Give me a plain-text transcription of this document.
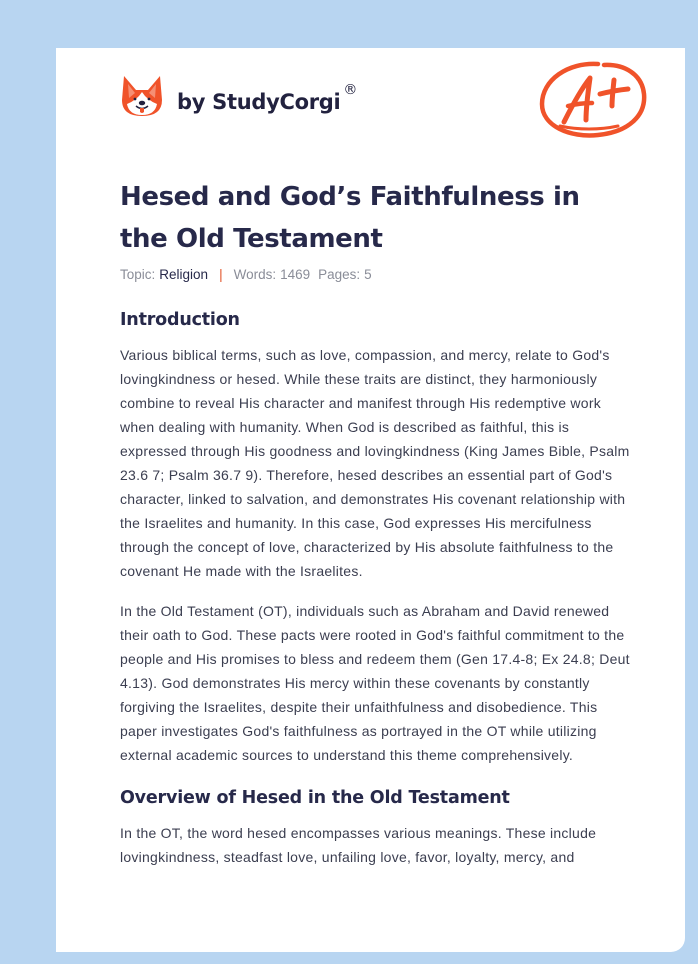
by StudyCorgi ®
Hesed and God’s Faithfulness in the Old Testament
Topic: Religion | Words: 1469 Pages: 5
Introduction

Various biblical terms, such as love, compassion, and mercy, relate to God's lovingkindness or hesed. While these traits are distinct, they harmoniously combine to reveal His character and manifest through His redemptive work when dealing with humanity. When God is described as faithful, this is expressed through His goodness and lovingkindness (King James Bible, Psalm 23.6 7; Psalm 36.7 9). Therefore, hesed describes an essential part of God's character, linked to salvation, and demonstrates His covenant relationship with the Israelites and humanity. In this case, God expresses His mercifulness through the concept of love, characterized by His absolute faithfulness to the covenant He made with the Israelites.

In the Old Testament (OT), individuals such as Abraham and David renewed their oath to God. These pacts were rooted in God's faithful commitment to the people and His promises to bless and redeem them (Gen 17.4-8; Ex 24.8; Deut 4.13). God demonstrates His mercy within these covenants by constantly forgiving the Israelites, despite their unfaithfulness and disobedience. This paper investigates God's faithfulness as portrayed in the OT while utilizing external academic sources to understand this theme comprehensively.

Overview of Hesed in the Old Testament

In the OT, the word hesed encompasses various meanings. These include lovingkindness, steadfast love, unfailing love, favor, loyalty, mercy, and
